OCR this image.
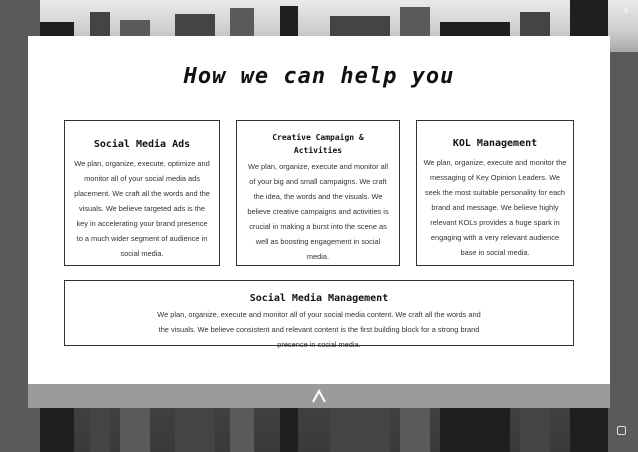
6
How we can help you
Social Media Ads

We plan, organize, execute, optimize and monitor all of your social media ads placement. We craft all the words and the visuals. We believe targeted ads is the key in accelerating your brand presence to a much wider segment of audience in social media.

Creative Campaign & Activities

We plan, organize, execute and monitor all of your big and small campaigns. We craft the idea, the words and the visuals. We believe creative campaigns and activities is crucial in making a burst into the scene as well as boosting engagement in social media.

KOL Management

We plan, organize, execute and monitor the messaging of Key Opinion Leaders. We seek the most suitable personality for each brand and message. We believe highly relevant KOLs provides a huge spark in engaging with a very relevant audience base in social media.

Social Media Management

We plan, organize, execute and monitor all of your social media content. We craft all the words and the visuals. We believe consistent and relevant content is the first building block for a strong brand presence in social media.
